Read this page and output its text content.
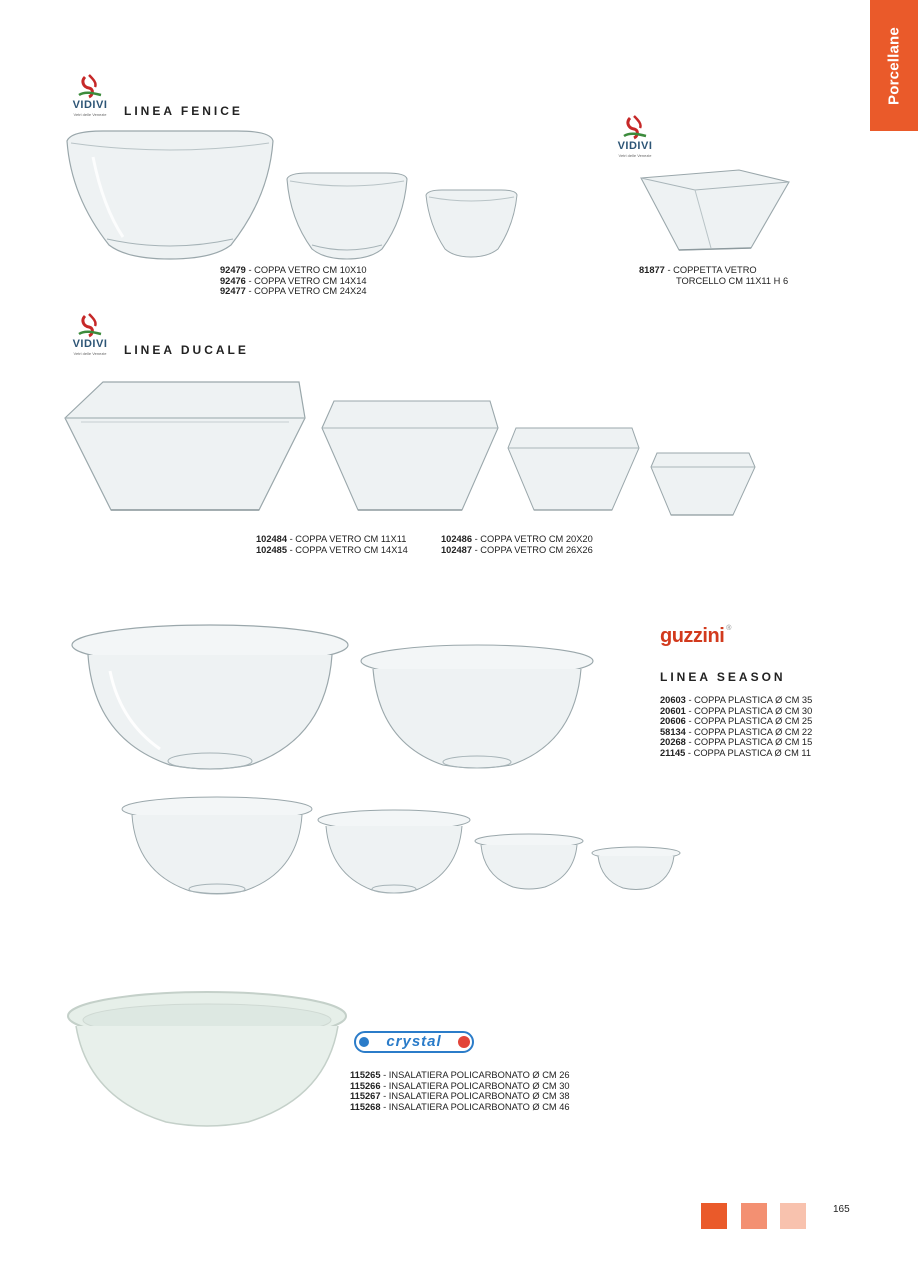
Porcellane
VIDIVI
Vetri delle Venezie	LINEA FENICE
92479 - COPPA VETRO CM 10X10
92476 - COPPA VETRO CM 14X14
92477 - COPPA VETRO CM 24X24
VIDIVI
Vetri delle Venezie
81877 - COPPETTA VETRO
TORCELLO CM 11X11 H 6
VIDIVI
Vetri delle Venezie	LINEA DUCALE
102484 - COPPA VETRO CM 11X11
102485 - COPPA VETRO CM 14X14
102486 - COPPA VETRO CM 20X20
102487 - COPPA VETRO CM 26X26
guzzini ®
LINEA SEASON
20603 - COPPA PLASTICA Ø CM 35
20601 - COPPA PLASTICA Ø CM 30
20606 - COPPA PLASTICA Ø CM 25
58134 - COPPA PLASTICA Ø CM 22
20268 - COPPA PLASTICA Ø CM 15
21145 - COPPA PLASTICA Ø CM 11
crystal
115265 - INSALATIERA POLICARBONATO Ø CM 26
115266 - INSALATIERA POLICARBONATO Ø CM 30
115267 - INSALATIERA POLICARBONATO Ø CM 38
115268 - INSALATIERA POLICARBONATO Ø CM 46
165
